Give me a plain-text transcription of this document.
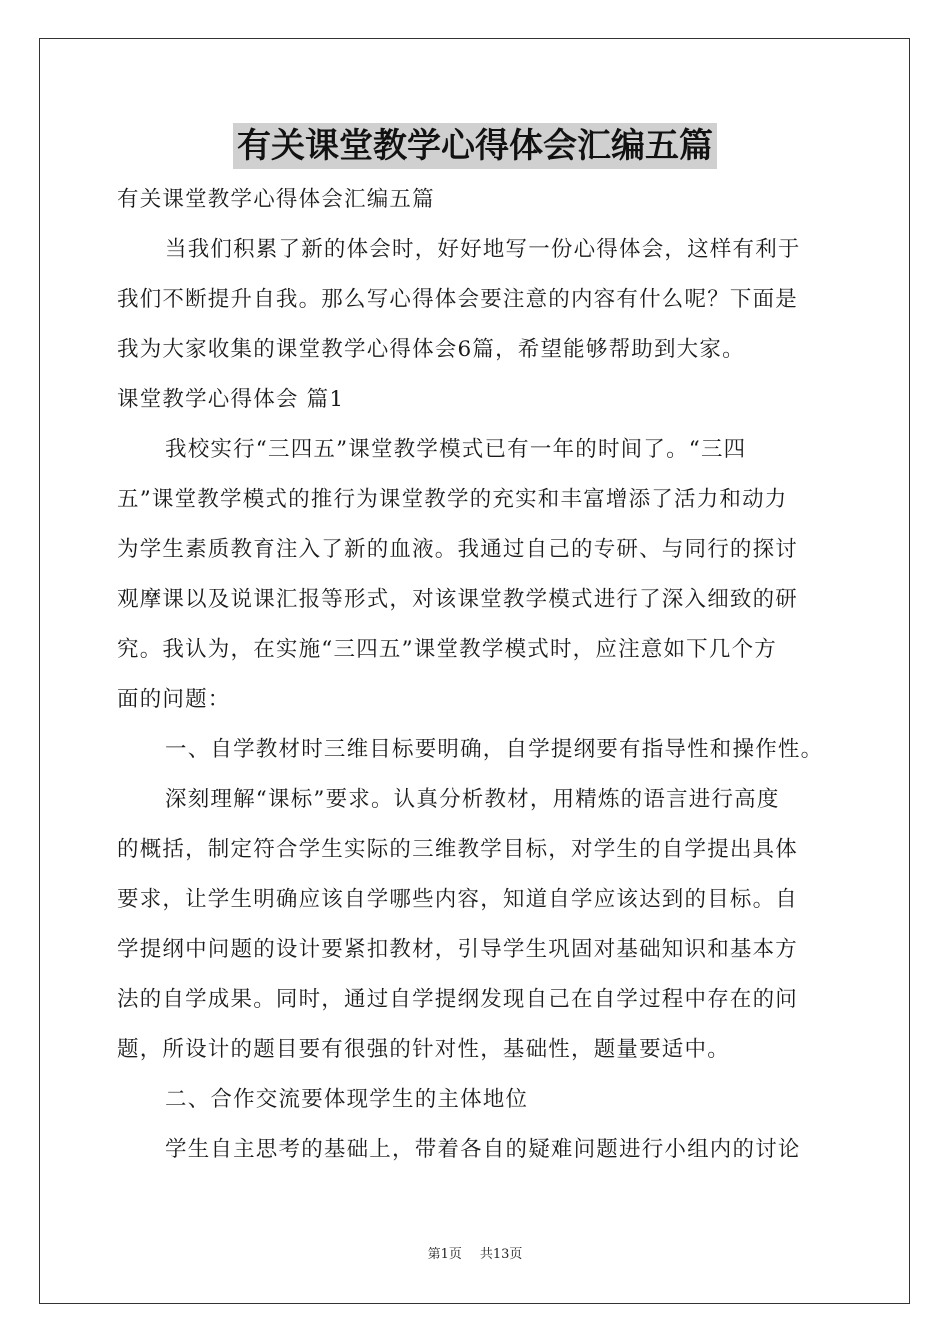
有关课堂教学心得体会汇编五篇
有关课堂教学心得体会汇编五篇
当我们积累了新的体会时，好好地写一份心得体会，这样有利于
我们不断提升自我。那么写心得体会要注意的内容有什么呢？下面是
我为大家收集的课堂教学心得体会6篇，希望能够帮助到大家。
课堂教学心得体会 篇1
我校实行“三四五”课堂教学模式已有一年的时间了。“三四
五”课堂教学模式的推行为课堂教学的充实和丰富增添了活力和动力
为学生素质教育注入了新的血液。我通过自己的专研、与同行的探讨
观摩课以及说课汇报等形式，对该课堂教学模式进行了深入细致的研
究。我认为，在实施“三四五”课堂教学模式时，应注意如下几个方
面的问题：
一、自学教材时三维目标要明确，自学提纲要有指导性和操作性。
深刻理解“课标”要求。认真分析教材，用精炼的语言进行高度
的概括，制定符合学生实际的三维教学目标，对学生的自学提出具体
要求，让学生明确应该自学哪些内容，知道自学应该达到的目标。自
学提纲中问题的设计要紧扣教材，引导学生巩固对基础知识和基本方
法的自学成果。同时，通过自学提纲发现自己在自学过程中存在的问
题，所设计的题目要有很强的针对性，基础性，题量要适中。
二、合作交流要体现学生的主体地位
学生自主思考的基础上，带着各自的疑难问题进行小组内的讨论
第1页 共13页
